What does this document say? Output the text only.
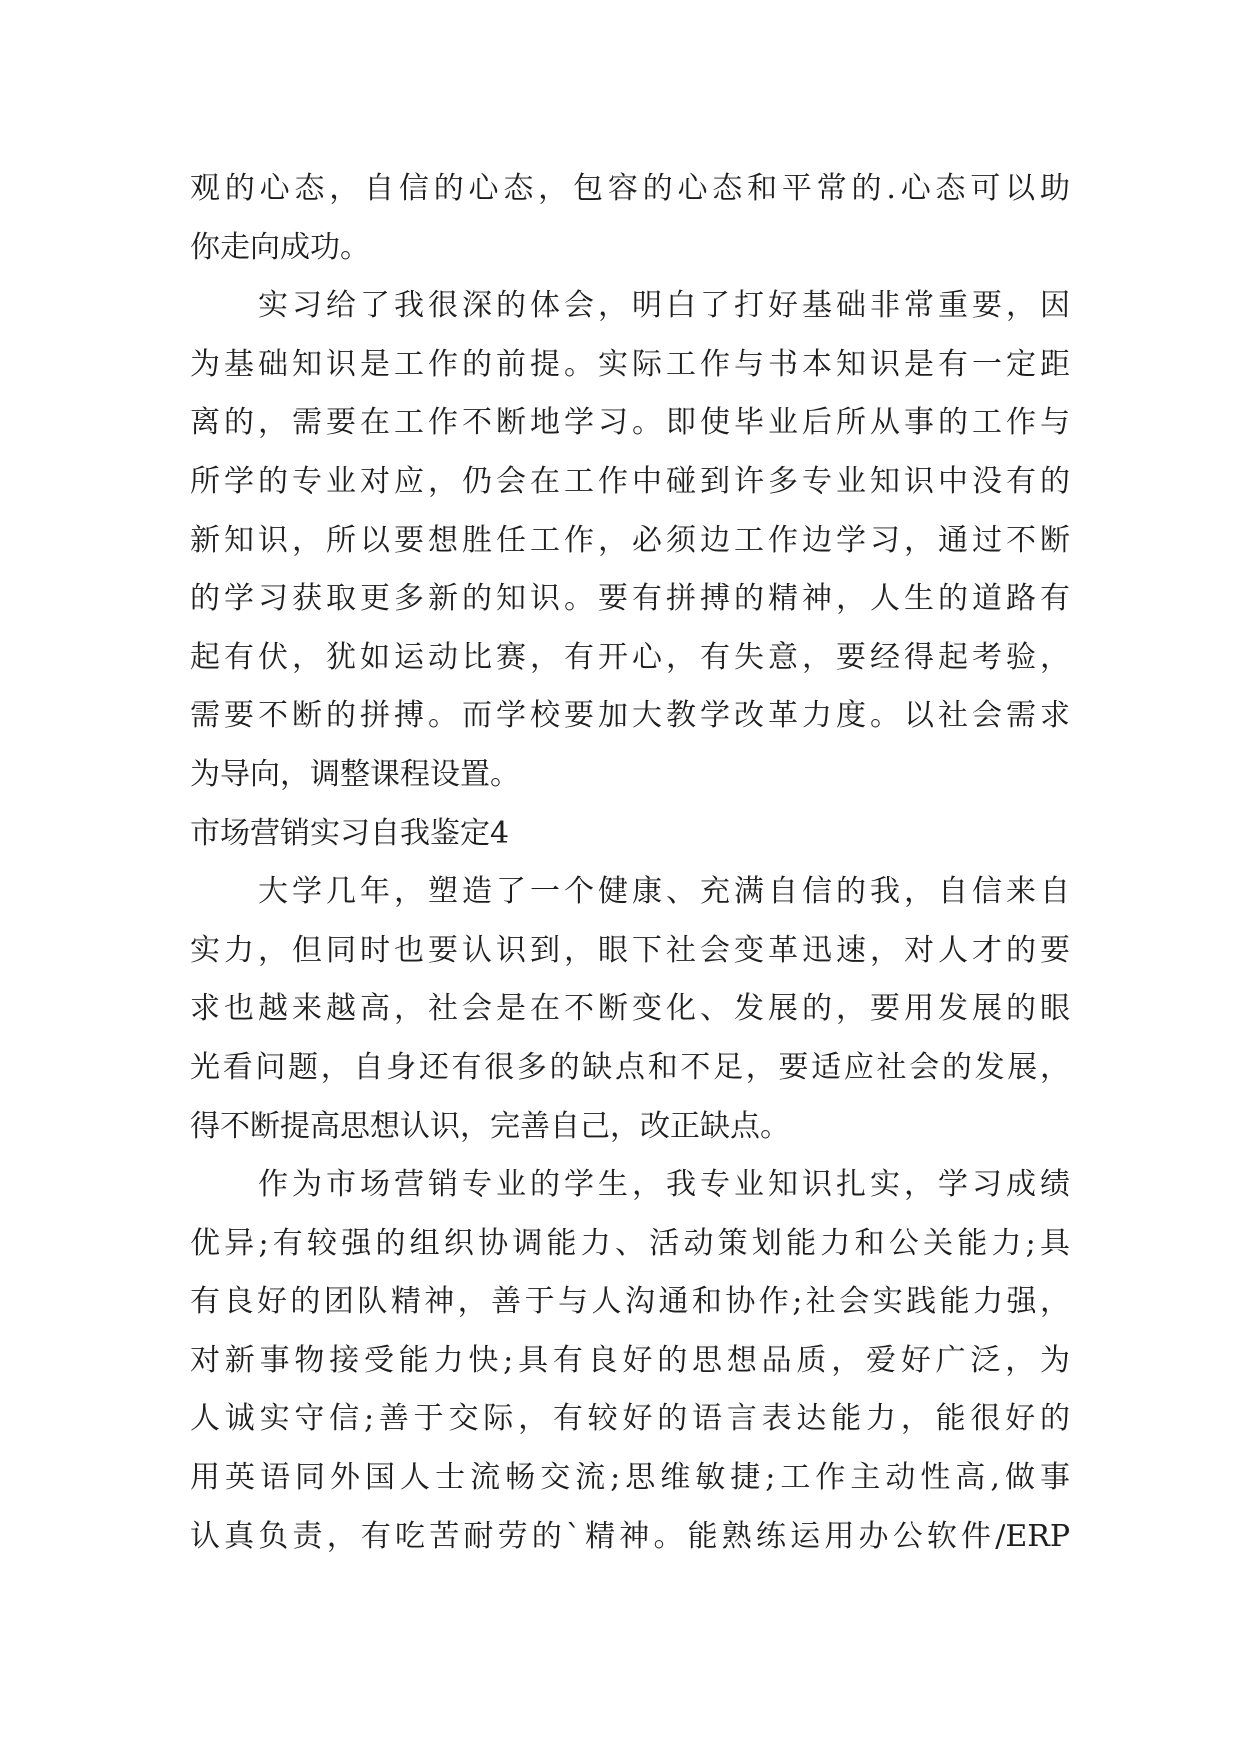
观的心态，自信的心态，包容的心态和平常的.心态可以助
你走向成功。
实习给了我很深的体会，明白了打好基础非常重要，因
为基础知识是工作的前提。实际工作与书本知识是有一定距
离的，需要在工作不断地学习。即使毕业后所从事的工作与
所学的专业对应，仍会在工作中碰到许多专业知识中没有的
新知识，所以要想胜任工作，必须边工作边学习，通过不断
的学习获取更多新的知识。要有拼搏的精神，人生的道路有
起有伏，犹如运动比赛，有开心，有失意，要经得起考验，
需要不断的拼搏。而学校要加大教学改革力度。以社会需求
为导向，调整课程设置。
市场营销实习自我鉴定4
大学几年，塑造了一个健康、充满自信的我，自信来自
实力，但同时也要认识到，眼下社会变革迅速，对人才的要
求也越来越高，社会是在不断变化、发展的，要用发展的眼
光看问题，自身还有很多的缺点和不足，要适应社会的发展，
得不断提高思想认识，完善自己，改正缺点。
作为市场营销专业的学生，我专业知识扎实，学习成绩
优异;有较强的组织协调能力、活动策划能力和公关能力;具
有良好的团队精神，善于与人沟通和协作;社会实践能力强，
对新事物接受能力快;具有良好的思想品质，爱好广泛，为
人诚实守信;善于交际，有较好的语言表达能力，能很好的
用英语同外国人士流畅交流;思维敏捷;工作主动性高,做事
认真负责，有吃苦耐劳的`精神。能熟练运用办公软件/ERP
